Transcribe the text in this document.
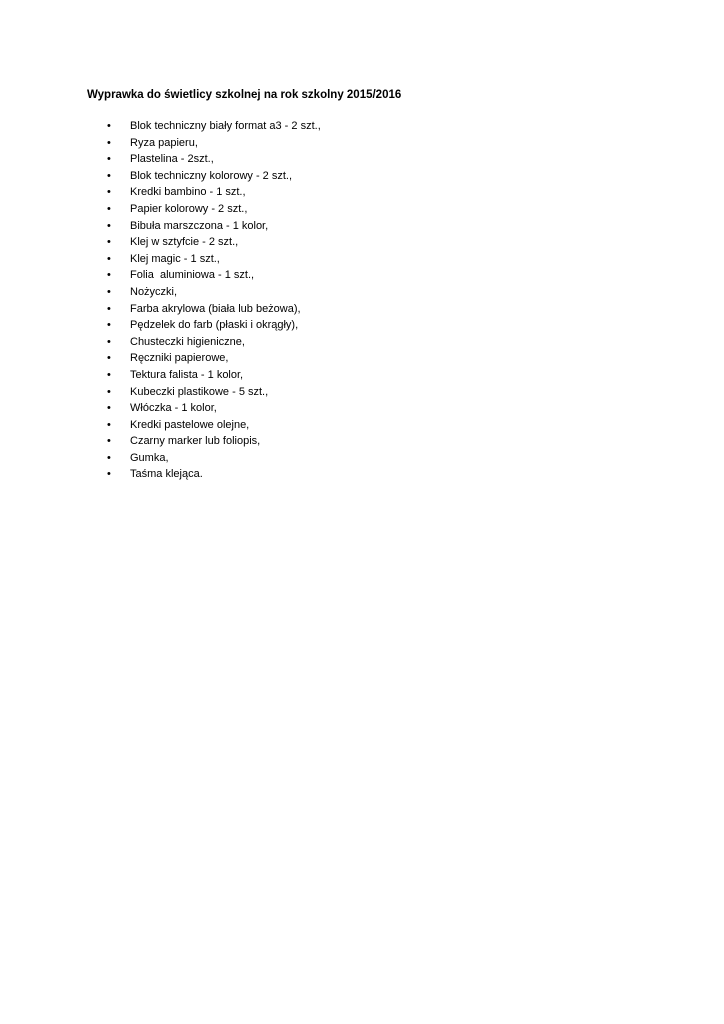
Wyprawka do świetlicy szkolnej na rok szkolny 2015/2016
• Blok techniczny biały format a3 - 2 szt.,
• Ryza papieru,
• Plastelina - 2szt.,
• Blok techniczny kolorowy - 2 szt.,
• Kredki bambino - 1 szt.,
• Papier kolorowy - 2 szt.,
• Bibuła marszczona - 1 kolor,
• Klej w sztyfcie - 2 szt.,
• Klej magic - 1 szt.,
• Folia  aluminiowa - 1 szt.,
• Nożyczki,
• Farba akrylowa (biała lub beżowa),
• Pędzelek do farb (płaski i okrągły),
• Chusteczki higieniczne,
• Ręczniki papierowe,
• Tektura falista - 1 kolor,
• Kubeczki plastikowe - 5 szt.,
• Włóczka - 1 kolor,
• Kredki pastelowe olejne,
• Czarny marker lub foliopis,
• Gumka,
• Taśma klejąca.
